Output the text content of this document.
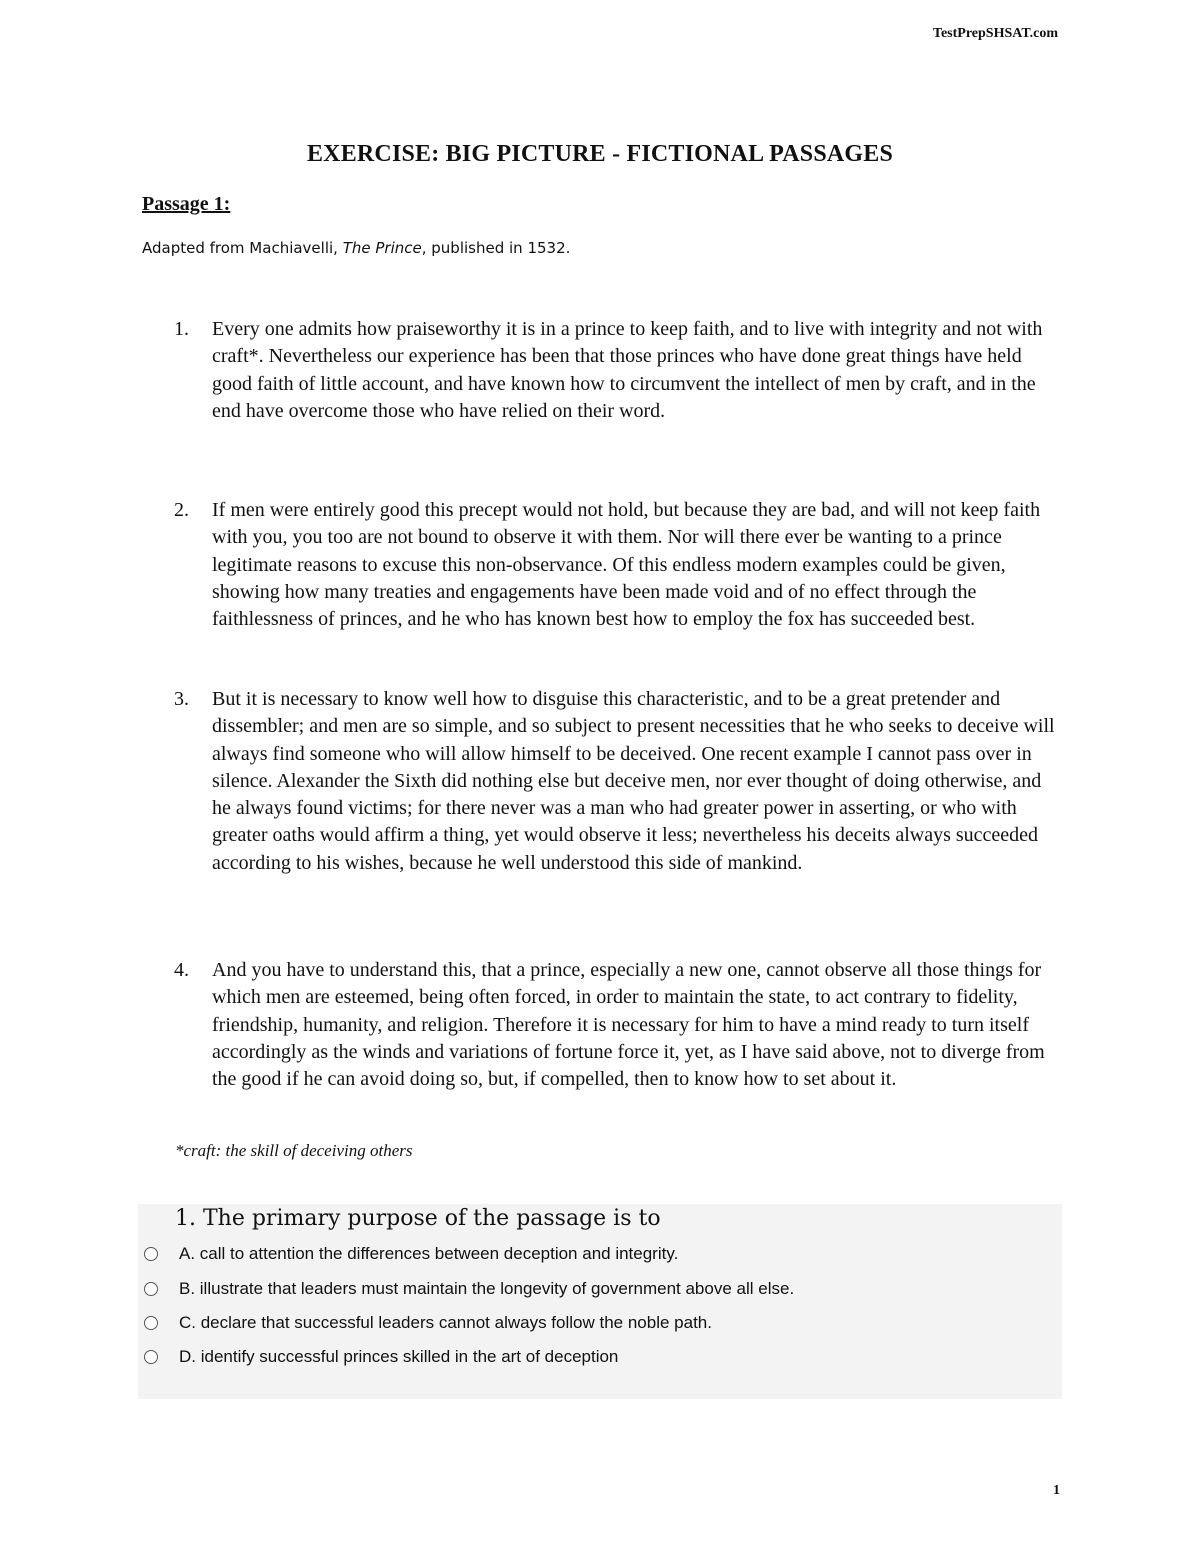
TestPrepSHSAT.com
EXERCISE: BIG PICTURE - FICTIONAL PASSAGES
Passage 1:
Adapted from Machiavelli, The Prince, published in 1532.
1. Every one admits how praiseworthy it is in a prince to keep faith, and to live with integrity and not with craft*. Nevertheless our experience has been that those princes who have done great things have held good faith of little account, and have known how to circumvent the intellect of men by craft, and in the end have overcome those who have relied on their word.
2. If men were entirely good this precept would not hold, but because they are bad, and will not keep faith with you, you too are not bound to observe it with them. Nor will there ever be wanting to a prince legitimate reasons to excuse this non-observance. Of this endless modern examples could be given, showing how many treaties and engagements have been made void and of no effect through the faithlessness of princes, and he who has known best how to employ the fox has succeeded best.
3. But it is necessary to know well how to disguise this characteristic, and to be a great pretender and dissembler; and men are so simple, and so subject to present necessities that he who seeks to deceive will always find someone who will allow himself to be deceived. One recent example I cannot pass over in silence. Alexander the Sixth did nothing else but deceive men, nor ever thought of doing otherwise, and he always found victims; for there never was a man who had greater power in asserting, or who with greater oaths would affirm a thing, yet would observe it less; nevertheless his deceits always succeeded according to his wishes, because he well understood this side of mankind.
4. And you have to understand this, that a prince, especially a new one, cannot observe all those things for which men are esteemed, being often forced, in order to maintain the state, to act contrary to fidelity, friendship, humanity, and religion. Therefore it is necessary for him to have a mind ready to turn itself accordingly as the winds and variations of fortune force it, yet, as I have said above, not to diverge from the good if he can avoid doing so, but, if compelled, then to know how to set about it.
*craft: the skill of deceiving others
1. The primary purpose of the passage is to
A. call to attention the differences between deception and integrity.
B. illustrate that leaders must maintain the longevity of government above all else.
C. declare that successful leaders cannot always follow the noble path.
D. identify successful princes skilled in the art of deception
1
